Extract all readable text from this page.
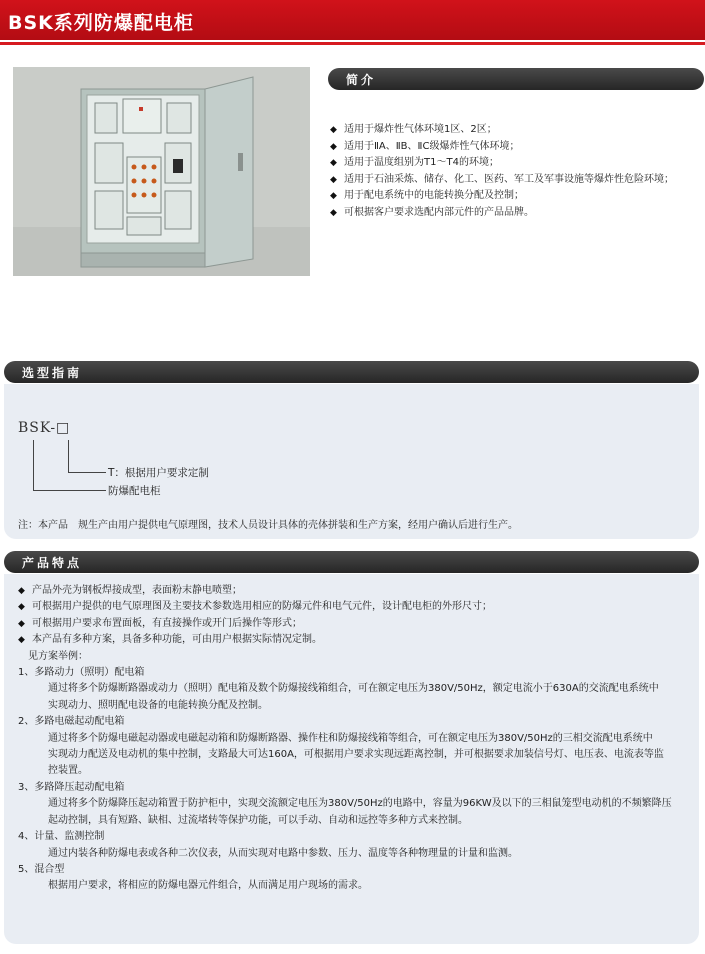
BSK系列防爆配电柜
简介
◆ 适用于爆炸性气体环境1区、2区；
◆ 适用于ⅡA、ⅡB、ⅡC级爆炸性气体环境；
◆ 适用于温度组别为T1～T4的环境；
◆ 适用于石油采炼、储存、化工、医药、军工及军事设施等爆炸性危险环境；
◆ 用于配电系统中的电能转换分配及控制；
◆ 可根据客户要求选配内部元件的产品品牌。
选型指南
BSK-□
T：根据用户要求定制
防爆配电柜
注：本产品　规生产由用户提供电气原理图，技术人员设计具体的壳体拼装和生产方案，经用户确认后进行生产。
产品特点
◆ 产品外壳为钢板焊接成型，表面粉末静电喷塑；
◆ 可根据用户提供的电气原理图及主要技术参数选用相应的防爆元件和电气元件，设计配电柜的外形尺寸；
◆ 可根据用户要求布置面板，有直接操作或开门后操作等形式；
◆ 本产品有多种方案，具备多种功能，可由用户根据实际情况定制。
见方案举例：
1、多路动力（照明）配电箱
通过将多个防爆断路器或动力（照明）配电箱及数个防爆接线箱组合，可在额定电压为380V/50Hz，额定电流小于630A的交流配电系统中
实现动力、照明配电设备的电能转换分配及控制。
2、多路电磁起动配电箱
通过将多个防爆电磁起动器或电磁起动箱和防爆断路器、操作柱和防爆接线箱等组合，可在额定电压为380V/50Hz的三相交流配电系统中
实现动力配送及电动机的集中控制，支路最大可达160A，可根据用户要求实现远距离控制，并可根据要求加装信号灯、电压表、电流表等监
控装置。
3、多路降压起动配电箱
通过将多个防爆降压起动箱置于防护柜中，实现交流额定电压为380V/50Hz的电路中，容量为96KW及以下的三相鼠笼型电动机的不频繁降压
起动控制，具有短路、缺相、过流堵转等保护功能，可以手动、自动和远控等多种方式来控制。
4、计量、监测控制
通过内装各种防爆电表或各种二次仪表，从而实现对电路中参数、压力、温度等各种物理量的计量和监测。
5、混合型
根据用户要求，将相应的防爆电器元件组合，从而满足用户现场的需求。
